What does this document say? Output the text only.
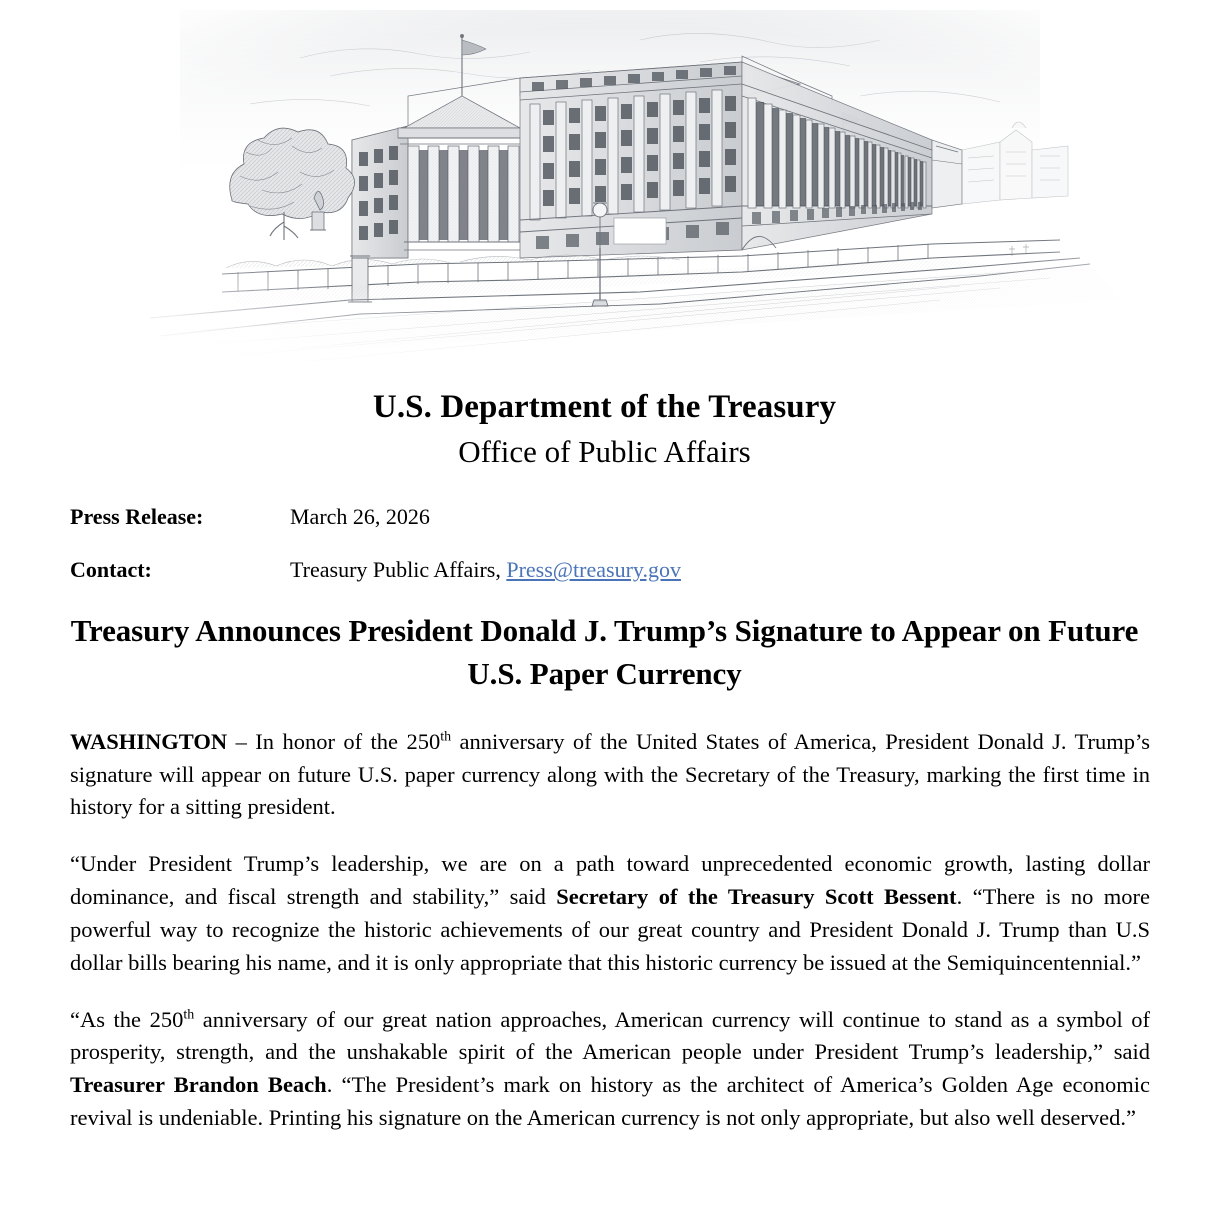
U.S. Department of the Treasury
Office of Public Affairs
Press Release:	March 26, 2026
Contact:	Treasury Public Affairs, Press@treasury.gov
Treasury Announces President Donald J. Trump’s Signature to Appear on Future U.S. Paper Currency

WASHINGTON – In honor of the 250th anniversary of the United States of America, President Donald J. Trump’s signature will appear on future U.S. paper currency along with the Secretary of the Treasury, marking the first time in history for a sitting president.

“Under President Trump’s leadership, we are on a path toward unprecedented economic growth, lasting dollar dominance, and fiscal strength and stability,” said Secretary of the Treasury Scott Bessent. “There is no more powerful way to recognize the historic achievements of our great country and President Donald J. Trump than U.S dollar bills bearing his name, and it is only appropriate that this historic currency be issued at the Semiquincentennial.”

“As the 250th anniversary of our great nation approaches, American currency will continue to stand as a symbol of prosperity, strength, and the unshakable spirit of the American people under President Trump’s leadership,” said Treasurer Brandon Beach. “The President’s mark on history as the architect of America’s Golden Age economic revival is undeniable. Printing his signature on the American currency is not only appropriate, but also well deserved.”
